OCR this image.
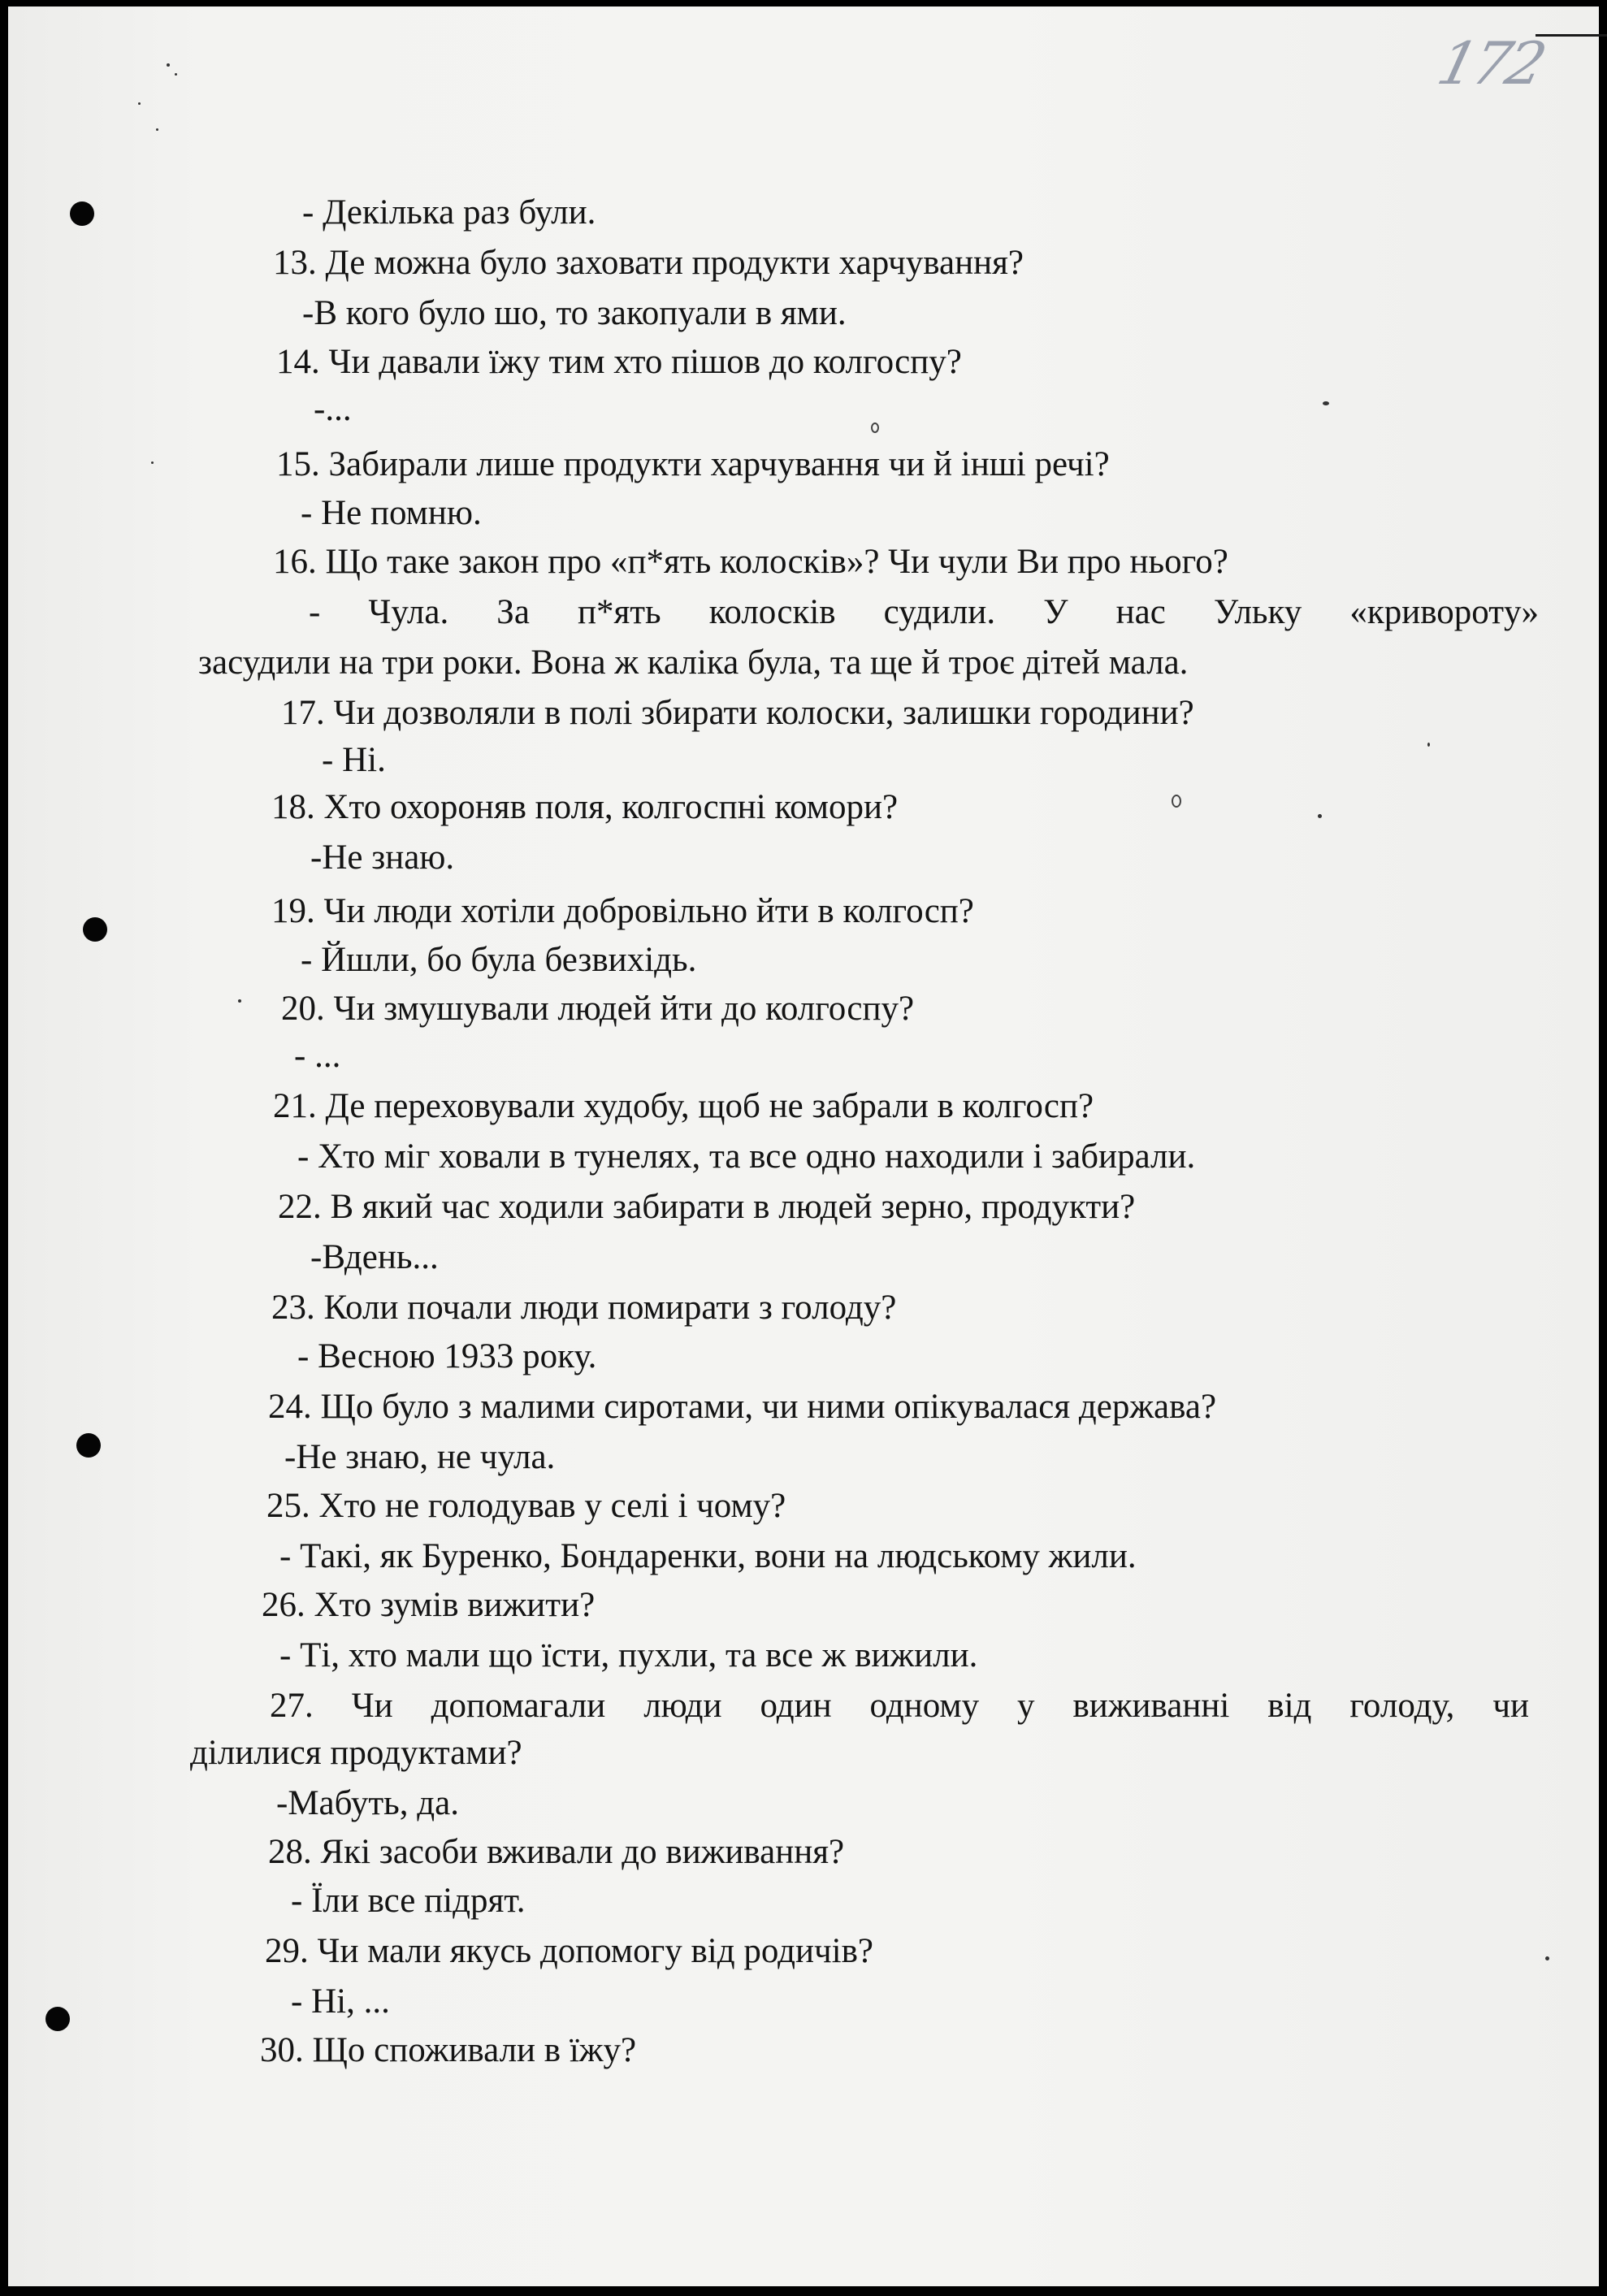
172
- Декілька раз були.
13. Де можна було заховати продукти харчування?
-В кого було шо, то закопуали в ями.
14. Чи давали їжу тим хто пішов до колгоспу?
-...
15. Забирали лише продукти харчування чи й інші речі?
- Не помню.
16. Що таке закон про «п*ять колосків»? Чи чули Ви про нього?
- Чула. За п*ять колосків судили. У нас Ульку «криворотy»
засудили на три роки. Вона ж каліка була, та ще й троє дітей мала.
17. Чи дозволяли в полі збирати колоски, залишки городини?
- Ні.
18. Хто охороняв поля, колгоспні комори?
-Не знаю.
19. Чи люди хотіли добровільно йти в колгосп?
- Йшли, бо була безвихідь.
20. Чи змушували людей йти до колгоспу?
- ...
21. Де переховували худобу, щоб не забрали в колгосп?
- Хто міг ховали в тунелях, та все одно находили і забирали.
22. В який час ходили забирати в людей зерно, продукти?
-Вдень...
23. Коли почали люди помирати з голоду?
- Весною 1933 року.
24. Що було з малими сиротами, чи ними опікувалася держава?
-Не знаю, не чула.
25. Хто не голодував у селі і чому?
- Такі, як Буренко, Бондаренки, вони на людському жили.
26. Хто зумів вижити?
- Ті, хто мали що їсти, пухли, та все ж вижили.
27. Чи допомагали люди один одному у виживанні від голоду, чи
ділилися продуктами?
-Мабуть, да.
28. Які засоби вживали до виживання?
- Їли все підрят.
29. Чи мали якусь допомогу від родичів?
- Ні, ...
30. Що споживали в їжу?
